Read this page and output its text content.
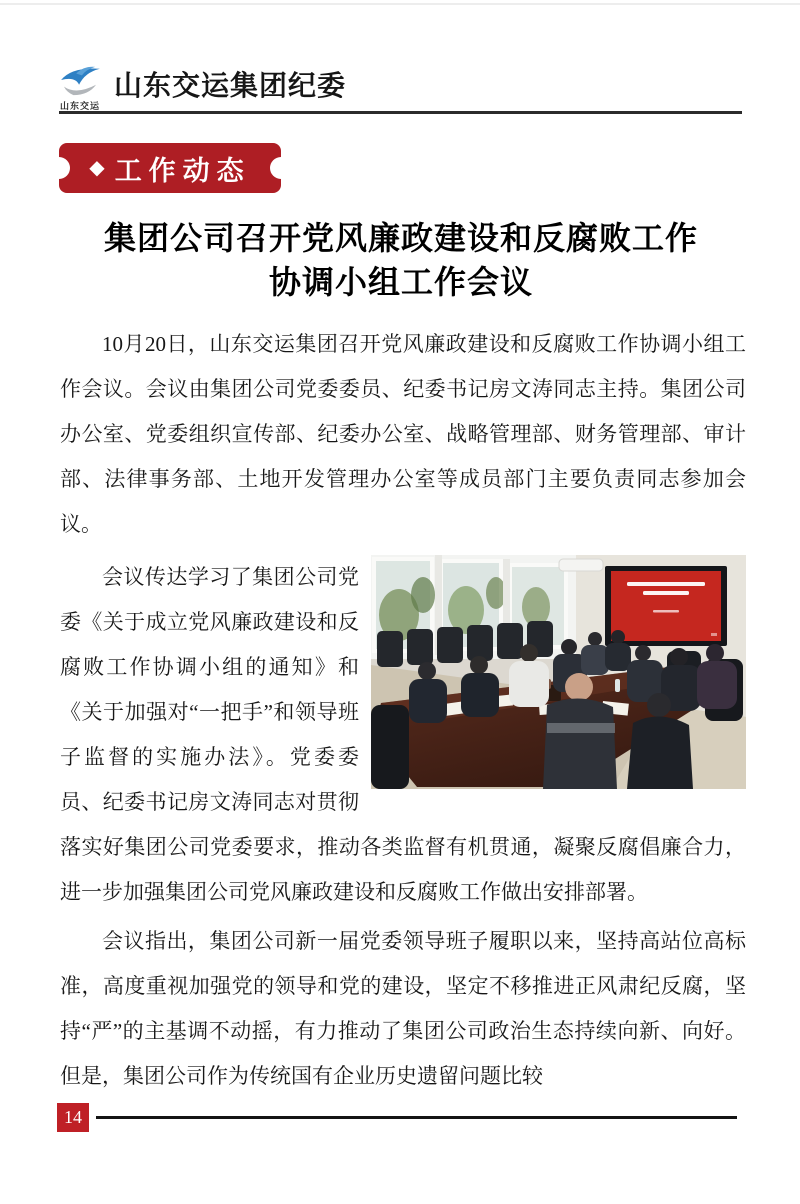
山东交运
山东交运集团纪委
◆ 工作动态
集团公司召开党风廉政建设和反腐败工作
协调小组工作会议

10月20日，山东交运集团召开党风廉政建设和反腐败工作协调小组工作会议。会议由集团公司党委委员、纪委书记房文涛同志主持。集团公司办公室、党委组织宣传部、纪委办公室、战略管理部、财务管理部、审计部、法律事务部、土地开发管理办公室等成员部门主要负责同志参加会议。

会议传达学习了集团公司党委《关于成立党风廉政建设和反腐败工作协调小组的通知》和《关于加强对“一把手”和领导班子监督的实施办法》。党委委员、纪委书记房文涛同志对贯彻落实好集团公司党委要求，推动各类监督有机贯通，凝聚反腐倡廉合力，进一步加强集团公司党风廉政建设和反腐败工作做出安排部署。

会议指出，集团公司新一届党委领导班子履职以来，坚持高站位高标准，高度重视加强党的领导和党的建设，坚定不移推进正风肃纪反腐，坚持“严”的主基调不动摇，有力推动了集团公司政治生态持续向新、向好。但是，集团公司作为传统国有企业历史遗留问题比较

14
